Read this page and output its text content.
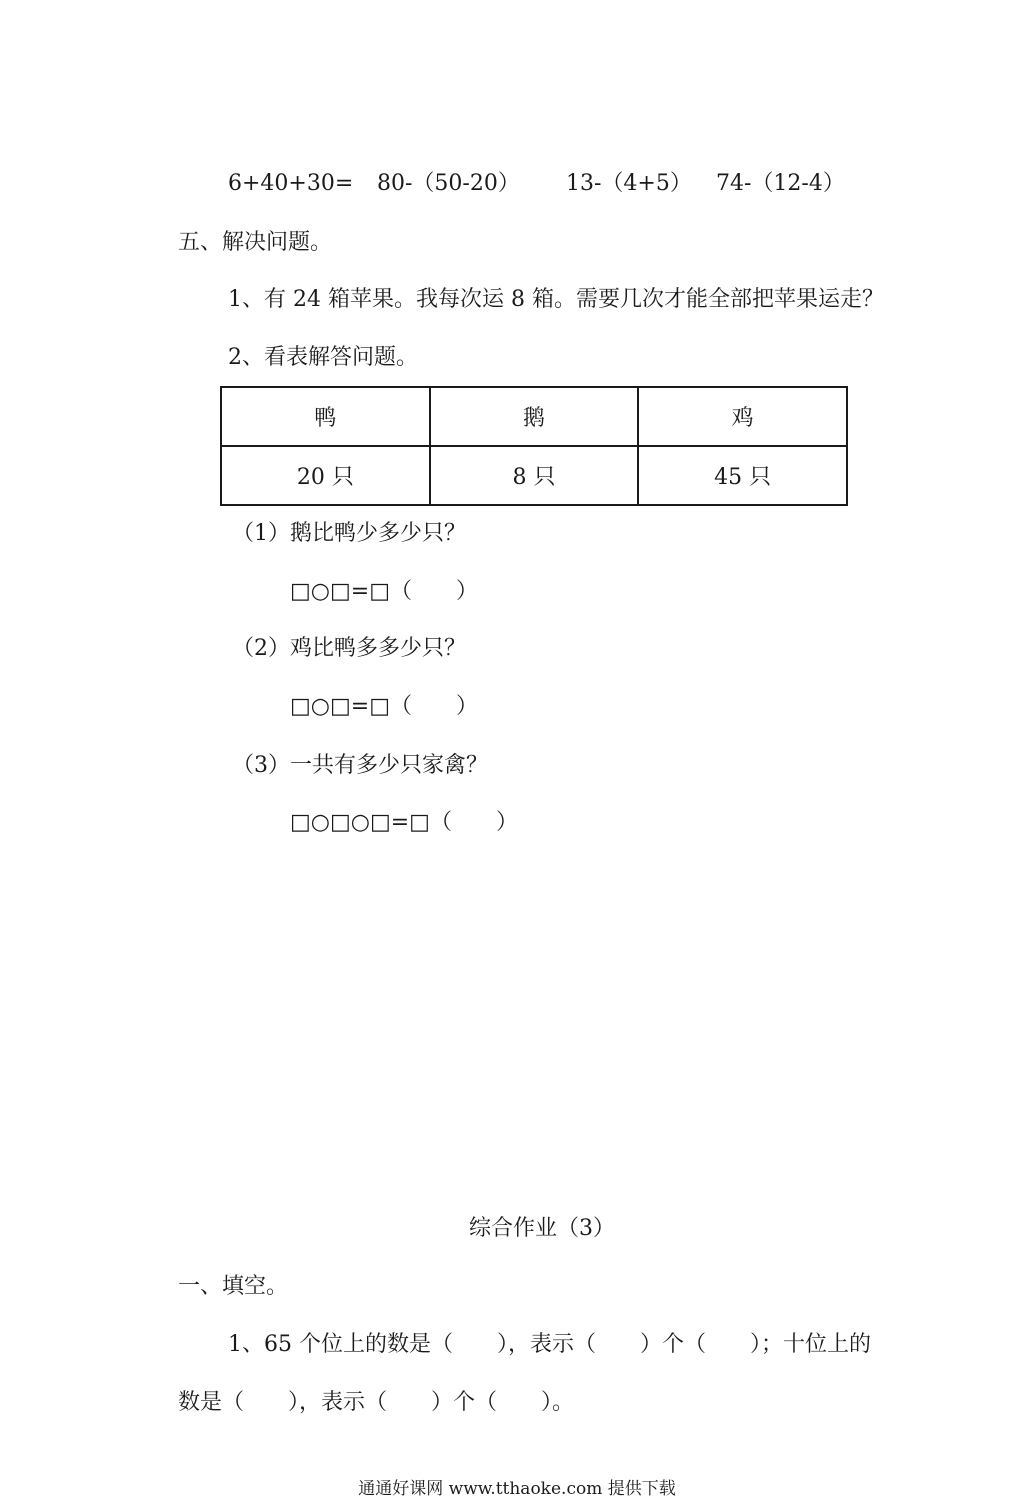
6+40+30=

80-（50-20）

13-（4+5）

74-（12-4）

五、解决问题。
1、有 24 箱苹果。我每次运 8 箱。需要几次才能全部把苹果运走？
2、看表解答问题。
鸭	鹅	鸡
20 只	8 只	45 只
（1）鹅比鸭少多少只？
□○□=□（　　）
（2）鸡比鸭多多少只？
□○□=□（　　）
（3）一共有多少只家禽？
□○□○□=□（　　）
综合作业（3）
一、填空。
1、65 个位上的数是（　　），表示（　　）个（　　）；十位上的
数是（　　），表示（　　）个（　　）。
通通好课网 www.tthaoke.com 提供下载
